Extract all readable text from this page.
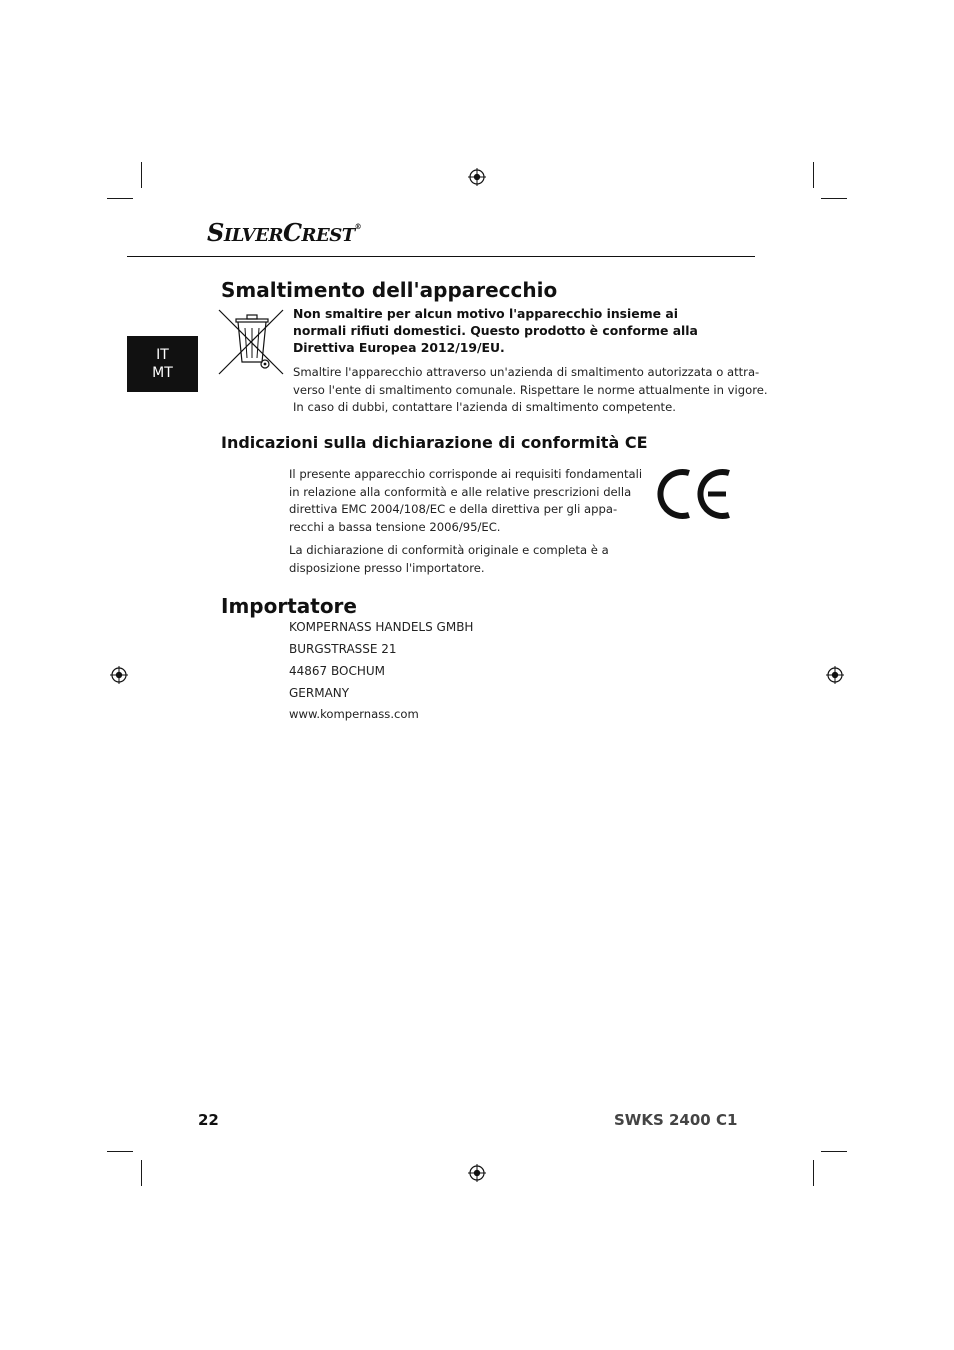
SILVERCREST®
IT
MT
Smaltimento dell'apparecchio

Non smaltire per alcun motivo l'apparecchio insieme ai normali rifiuti domestici. Questo prodotto è conforme alla Direttiva Europea 2012/19/EU.

Smaltire l'apparecchio attraverso un'azienda di smaltimento autorizzata o attra-
verso l'ente di smaltimento comunale. Rispettare le norme attualmente in vigore.
In caso di dubbi, contattare l'azienda di smaltimento competente.
Indicazioni sulla dichiarazione di conformità CE
Il presente apparecchio corrisponde ai requisiti fondamentali
in relazione alla conformità e alle relative prescrizioni della
direttiva EMC 2004/108/EC e della direttiva per gli appa-
recchi a bassa tensione 2006/95/EC.
La dichiarazione di conformità originale e completa è a
disposizione presso l'importatore.
Importatore
KOMPERNASS HANDELS GMBH
BURGSTRASSE 21
44867 BOCHUM
GERMANY
www.kompernass.com
22	SWKS 2400 C1
